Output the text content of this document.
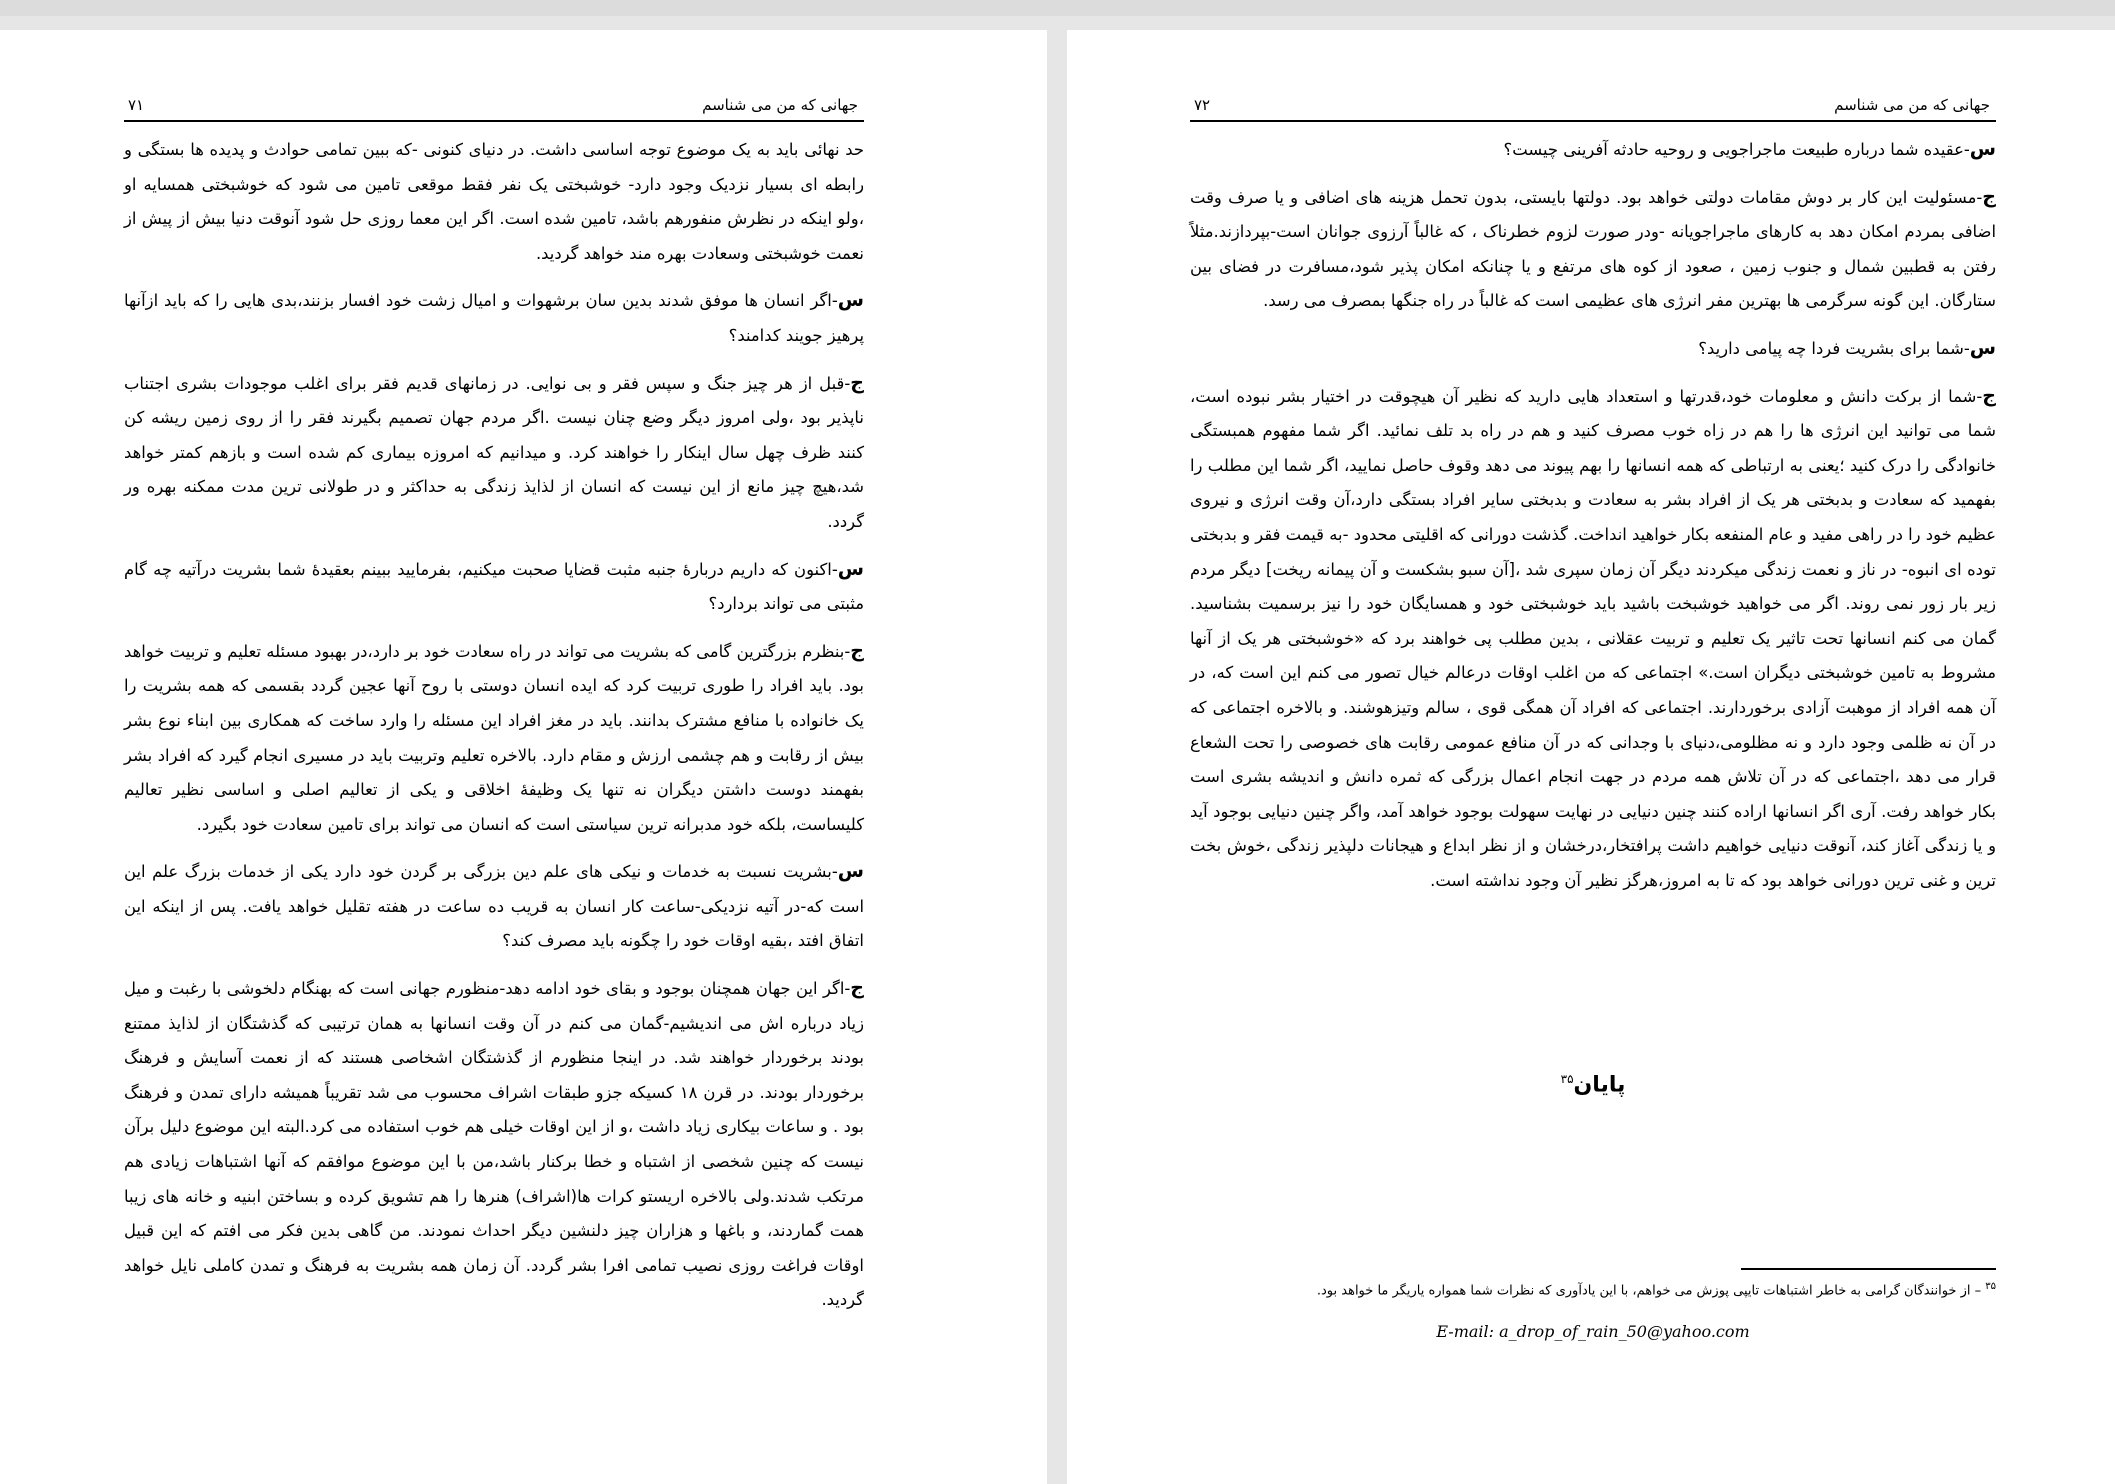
جهانی که من می شناسم
۷۱

حد نهائی باید به یک موضوع توجه اساسی داشت. در دنیای کنونی -که ببین تمامی حوادث و پدیده ها بستگی و رابطه ای بسیار نزدیک وجود دارد- خوشبختی یک نفر فقط موقعی تامین می شود که خوشبختی همسایه او ،ولو اینکه در نظرش منفورهم باشد، تامین شده است. اگر این معما روزی حل شود آنوقت دنیا بیش از پیش از نعمت خوشبختی وسعادت بهره مند خواهد گردید.

س-اگر انسان ها موفق شدند بدین سان برشهوات و امیال زشت خود افسار بزنند،بدی هایی را که باید ازآنها پرهیز جویند کدامند؟

ج-قبل از هر چیز جنگ و سپس فقر و بی نوایی. در زمانهای قدیم فقر برای اغلب موجودات بشری اجتناب ناپذیر بود ،ولی امروز دیگر وضع چنان نیست .اگر مردم جهان تصمیم بگیرند فقر را از روی زمین ریشه کن کنند ظرف چهل سال اینکار را خواهند کرد. و میدانیم که امروزه بیماری کم شده است و بازهم کمتر خواهد شد،هیچ چیز مانع از این نیست که انسان از لذایذ زندگی به حداکثر و در طولانی ترین مدت ممکنه بهره ور گردد.

س-اکنون که داریم دربارهٔ جنبه مثبت قضایا صحبت میکنیم، بفرمایید ببینم بعقیدهٔ شما بشریت درآتیه چه گام مثبتی می تواند بردارد؟

ج-بنظرم بزرگترین گامی که بشریت می تواند در راه سعادت خود بر دارد،در بهبود مسئله تعلیم و تربیت خواهد بود. باید افراد را طوری تربیت کرد که ایده انسان دوستی با روح آنها عجین گردد بقسمی که همه بشریت را یک خانواده با منافع مشترک بدانند. باید در مغز افراد این مسئله را وارد ساخت که همکاری بین ابناء نوع بشر بیش از رقابت و هم چشمی ارزش و مقام دارد. بالاخره تعلیم وتربیت باید در مسیری انجام گیرد که افراد بشر بفهمند دوست داشتن دیگران نه تنها یک وظیفهٔ اخلاقی و یکی از تعالیم اصلی و اساسی نظیر تعالیم کلیساست، بلکه خود مدبرانه ترین سیاستی است که انسان می تواند برای تامین سعادت خود بگیرد.

س-بشریت نسبت به خدمات و نیکی های علم دین بزرگی بر گردن خود دارد یکی از خدمات بزرگ علم این است که-در آتیه نزدیکی-ساعت کار انسان به قریب ده ساعت در هفته تقلیل خواهد یافت. پس از اینکه این اتفاق افتد ،بقیه اوقات خود را چگونه باید مصرف کند؟

ج-اگر این جهان همچنان بوجود و بقای خود ادامه دهد-منظورم جهانی است که بهنگام دلخوشی با رغبت و میل زیاد درباره اش می اندیشیم-گمان می کنم در آن وقت انسانها به همان ترتیبی که گذشتگان از لذایذ ممتنع بودند برخوردار خواهند شد. در اینجا منظورم از گذشتگان اشخاصی هستند که از نعمت آسایش و فرهنگ برخوردار بودند. در قرن ۱۸ کسیکه جزو طبقات اشراف محسوب می شد تقریباً همیشه دارای تمدن و فرهنگ بود . و ساعات بیکاری زیاد داشت ،و از این اوقات خیلی هم خوب استفاده می کرد.البته این موضوع دلیل برآن نیست که چنین شخصی از اشتباه و خطا برکنار باشد،من با این موضوع موافقم که آنها اشتباهات زیادی هم مرتکب شدند.ولی بالاخره اریستو کرات ها(اشراف) هنرها را هم تشویق کرده و بساختن ابنیه و خانه های زیبا همت گماردند، و باغها و هزاران چیز دلنشین دیگر احداث نمودند. من گاهی بدین فکر می افتم که این قبیل اوقات فراغت روزی نصیب تمامی افرا بشر گردد. آن زمان همه بشریت به فرهنگ و تمدن کاملی نایل خواهد گردید.

جهانی که من می شناسم
۷۲

س-عقیده شما درباره طبیعت ماجراجویی و روحیه حادثه آفرینی چیست؟

ج-مسئولیت این کار بر دوش مقامات دولتی خواهد بود. دولتها بایستی، بدون تحمل هزینه های اضافی و یا صرف وقت اضافی بمردم امکان دهد به کارهای ماجراجویانه -ودر صورت لزوم خطرناک ، که غالباً آرزوی جوانان است-بپردازند.مثلاً رفتن به قطبین شمال و جنوب زمین ، صعود از کوه های مرتفع و یا چنانکه امکان پذیر شود،مسافرت در فضای بین ستارگان. این گونه سرگرمی ها بهترین مفر انرژی های عظیمی است که غالباً در راه جنگها بمصرف می رسد.

س-شما برای بشریت فردا چه پیامی دارید؟

ج-شما از برکت دانش و معلومات خود،قدرتها و استعداد هایی دارید که نظیر آن هیچوقت در اختیار بشر نبوده است، شما می توانید این انرژی ها را هم در زاه خوب مصرف کنید و هم در راه بد تلف نمائید. اگر شما مفهوم همبستگی خانوادگی را درک کنید ؛یعنی به ارتباطی که همه انسانها را بهم پیوند می دهد وقوف حاصل نمایید، اگر شما این مطلب را بفهمید که سعادت و بدبختی هر یک از افراد بشر به سعادت و بدبختی سایر افراد بستگی دارد،آن وقت انرژی و نیروی عظیم خود را در راهی مفید و عام المنفعه بکار خواهید انداخت. گذشت دورانی که اقلیتی محدود -به قیمت فقر و بدبختی توده ای انبوه- در ناز و نعمت زندگی میکردند دیگر آن زمان سپری شد ،[آن سبو بشکست و آن پیمانه ریخت] دیگر مردم زیر بار زور نمی روند. اگر می خواهید خوشبخت باشید باید خوشبختی خود و همسایگان خود را نیز برسمیت بشناسید. گمان می کنم انسانها تحت تاثیر یک تعلیم و تربیت عقلانی ، بدین مطلب پی خواهند برد که «خوشبختی هر یک از آنها مشروط به تامین خوشبختی دیگران است.» اجتماعی که من اغلب اوقات درعالم خیال تصور می کنم این است که، در آن همه افراد از موهبت آزادی برخوردارند. اجتماعی که افراد آن همگی قوی ، سالم وتیزهوشند. و بالاخره اجتماعی که در آن نه ظلمی وجود دارد و نه مظلومی،دنیای با وجدانی که در آن منافع عمومی رقابت های خصوصی را تحت الشعاع قرار می دهد ،اجتماعی که در آن تلاش همه مردم در جهت انجام اعمال بزرگی که ثمره دانش و اندیشه بشری است بکار خواهد رفت. آری اگر انسانها اراده کنند چنین دنیایی در نهایت سهولت بوجود خواهد آمد، واگر چنین دنیایی بوجود آید و یا زندگی آغاز کند، آنوقت دنیایی خواهیم داشت پرافتخار،درخشان و از نظر ابداع و هیجانات دلپذیر زندگی ،خوش بخت ترین و غنی ترین دورانی خواهد بود که تا به امروز،هرگز نظیر آن وجود نداشته است.

پایان$^{۳۵}$
$^{۳۵}$ – از خوانندگان گرامی به خاطر اشتباهات تایپی پوزش می خواهم، با این یادآوری که نظرات شما همواره یاریگر ما خواهد بود.
E-mail: a_drop_of_rain_50@yahoo.com
